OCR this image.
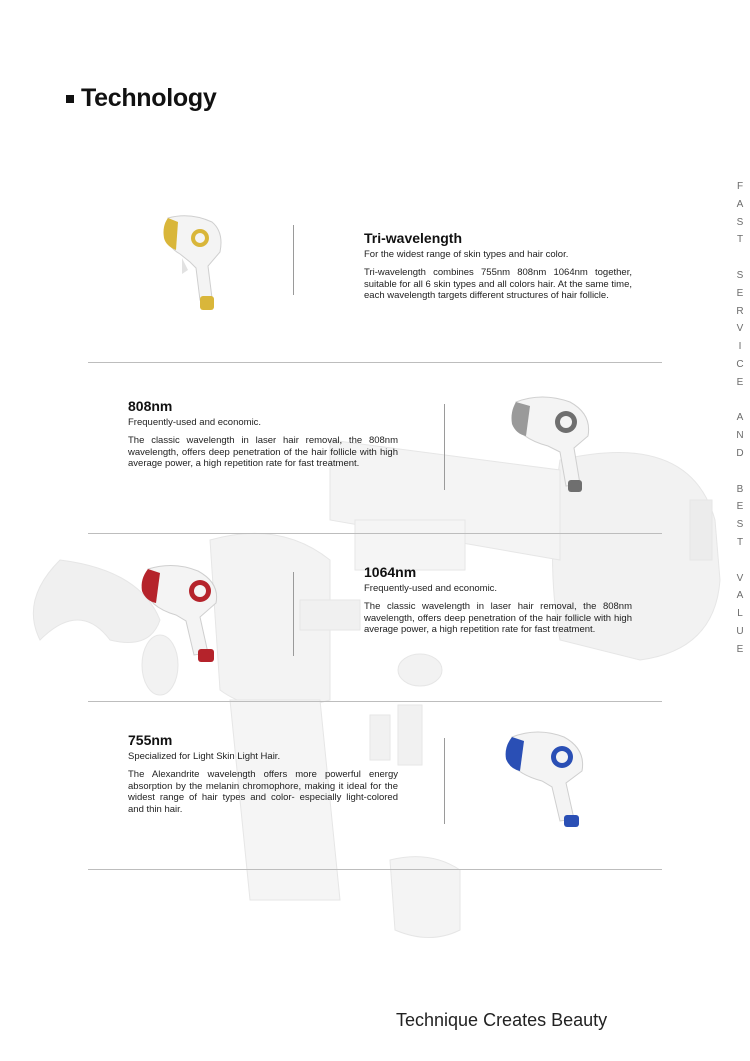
Technology
F
A
S
T
S
E
R
V
I
C
E
A
N
D
B
E
S
T
V
A
L
U
E
Tri-wavelength

For the widest range of skin types and hair color.

Tri-wavelength combines 755nm 808nm 1064nm together, suitable for all 6 skin types and all colors hair. At the same time, each wavelength targets different structures of hair follicle.

808nm

Frequently-used and economic.

The classic wavelength in laser hair removal, the 808nm wavelength, offers deep penetration of the hair follicle with high average power, a high repetition rate for fast treatment.

1064nm

Frequently-used and economic.

The classic wavelength in laser hair removal, the 808nm wavelength, offers deep penetration of the hair follicle with high average power, a high repetition rate for fast treatment.

755nm

Specialized for Light Skin Light Hair.

The Alexandrite wavelength offers more powerful energy absorption by the melanin chromophore, making it ideal for the widest range of hair types and color- especially light-colored and thin hair.

Technique Creates Beauty
